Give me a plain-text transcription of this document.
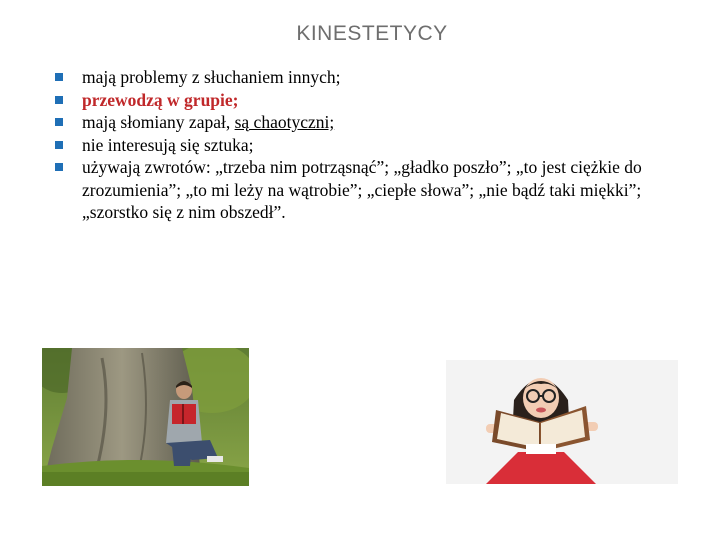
KINESTETYCY
mają problemy z słuchaniem innych;
przewodzą w grupie;
mają słomiany zapał, są chaotyczni;
nie interesują się sztuka;
używają zwrotów: „trzeba nim potrząsnąć”; „gładko poszło”; „to jest ciężkie do zrozumienia”; „to mi leży na wątrobie”; „ciepłe słowa”; „nie bądź taki miękki”; „szorstko się z nim obszedł”.
